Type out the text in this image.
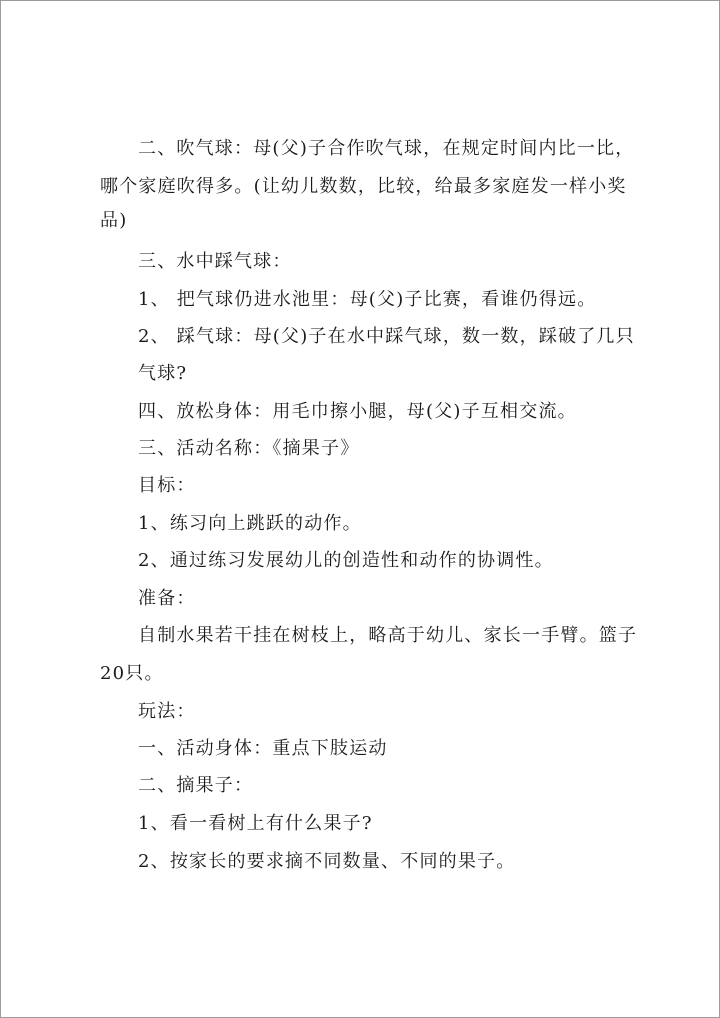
二、吹气球：母(父)子合作吹气球，在规定时间内比一比，
哪个家庭吹得多。(让幼儿数数，比较，给最多家庭发一样小奖
品)
三、水中踩气球：
1、 把气球仍进水池里：母(父)子比赛，看谁仍得远。
2、 踩气球：母(父)子在水中踩气球，数一数，踩破了几只
气球?
四、放松身体：用毛巾擦小腿，母(父)子互相交流。
三、活动名称：《摘果子》
目标：
1、练习向上跳跃的动作。
2、通过练习发展幼儿的创造性和动作的协调性。
准备：
自制水果若干挂在树枝上，略高于幼儿、家长一手臂。篮子
20只。
玩法：
一、活动身体：重点下肢运动
二、摘果子：
1、看一看树上有什么果子?
2、按家长的要求摘不同数量、不同的果子。
